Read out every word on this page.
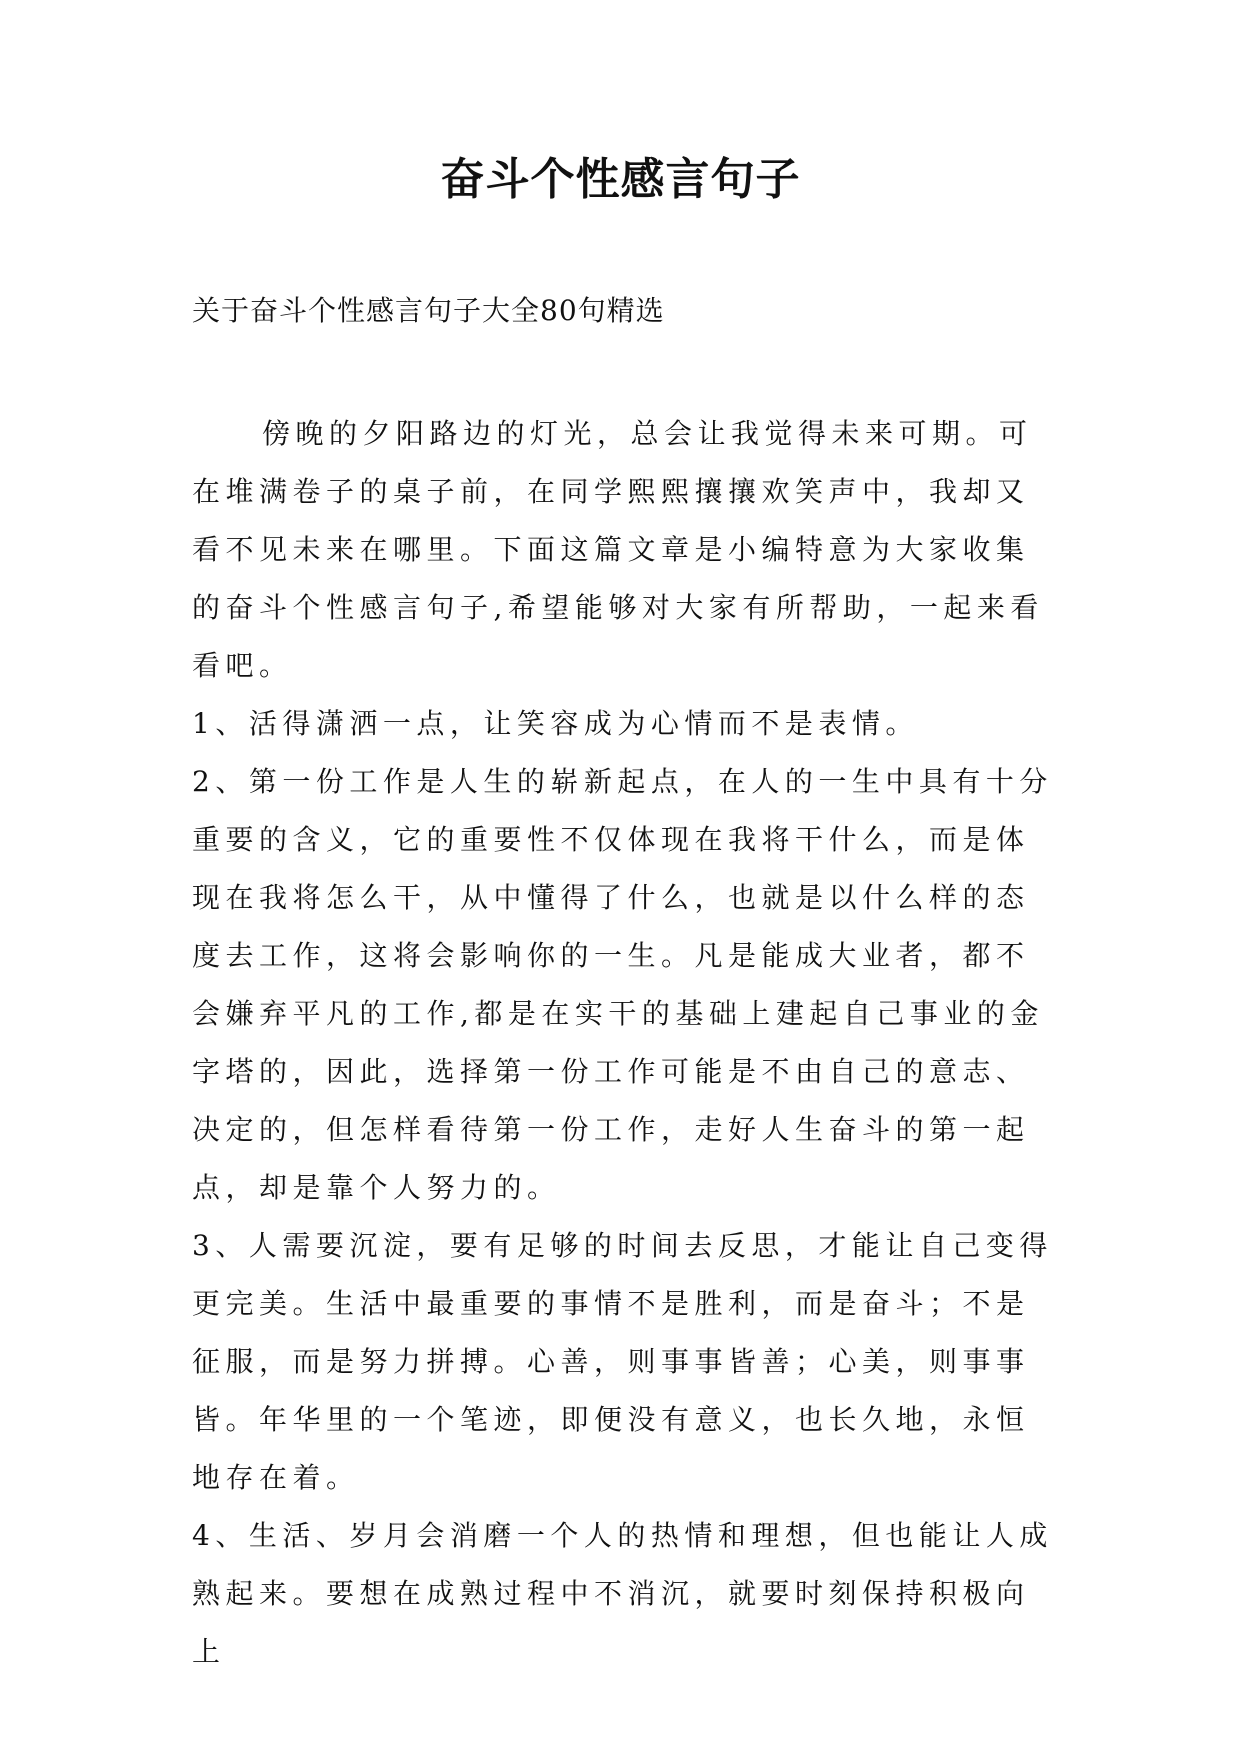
奋斗个性感言句子
关于奋斗个性感言句子大全80句精选

傍晚的夕阳路边的灯光，总会让我觉得未来可期。可在堆满卷子的桌子前，在同学熙熙攘攘欢笑声中，我却又看不见未来在哪里。下面这篇文章是小编特意为大家收集的奋斗个性感言句子,希望能够对大家有所帮助，一起来看看吧。

1、活得潇洒一点，让笑容成为心情而不是表情。

2、第一份工作是人生的崭新起点，在人的一生中具有十分重要的含义，它的重要性不仅体现在我将干什么，而是体现在我将怎么干，从中懂得了什么，也就是以什么样的态度去工作，这将会影响你的一生。凡是能成大业者，都不会嫌弃平凡的工作,都是在实干的基础上建起自己事业的金字塔的，因此，选择第一份工作可能是不由自己的意志、决定的，但怎样看待第一份工作，走好人生奋斗的第一起点，却是靠个人努力的。

3、人需要沉淀，要有足够的时间去反思，才能让自己变得更完美。生活中最重要的事情不是胜利，而是奋斗；不是征服，而是努力拼搏。心善，则事事皆善；心美，则事事皆。年华里的一个笔迹，即便没有意义，也长久地，永恒地存在着。

4、生活、岁月会消磨一个人的热情和理想，但也能让人成熟起来。要想在成熟过程中不消沉，就要时刻保持积极向上
